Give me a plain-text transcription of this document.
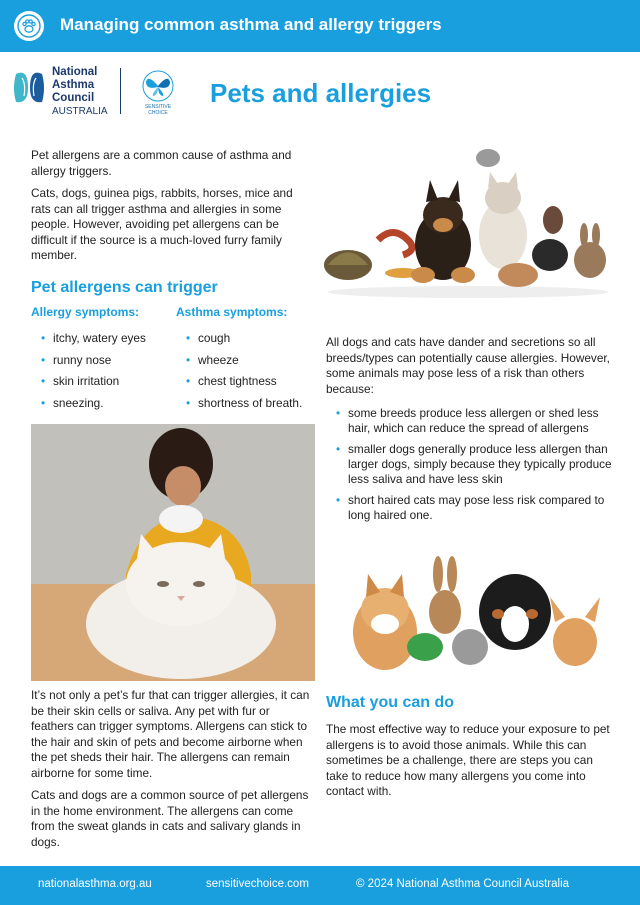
Managing common asthma and allergy triggers
National
Asthma
Council
AUSTRALIA	SENSITIVE CHOICE
Pets and allergies
Pet allergens are a common cause of asthma and allergy triggers.
Cats, dogs, guinea pigs, rabbits, horses, mice and rats can all trigger asthma and allergies in some people. However, avoiding pet allergens can be difficult if the source is a much-loved furry family member.
Pet allergens can trigger
Allergy symptoms:	Asthma symptoms:
• itchy, watery eyes
• runny nose
• skin irritation
• sneezing.
• cough
• wheeze
• chest tightness
• shortness of breath.
All dogs and cats have dander and secretions so all breeds/types can potentially cause allergies. However, some animals may pose less of a risk than others because:
• some breeds produce less allergen or shed less hair, which can reduce the spread of allergens
• smaller dogs generally produce less allergen than larger dogs, simply because they typically produce less saliva and have less skin
• short haired cats may pose less risk compared to long haired one.
It’s not only a pet’s fur that can trigger allergies, it can be their skin cells or saliva. Any pet with fur or feathers can trigger symptoms. Allergens can stick to the hair and skin of pets and become airborne when the pet sheds their hair. The allergens can remain airborne for some time.
Cats and dogs are a common source of pet allergens in the home environment. The allergens can come from the sweat glands in cats and salivary glands in dogs.
What you can do
The most effective way to reduce your exposure to pet allergens is to avoid those animals. While this can sometimes be a challenge, there are steps you can take to reduce how many allergens you come into contact with.
nationalasthma.org.au	sensitivechoice.com	© 2024 National Asthma Council Australia
